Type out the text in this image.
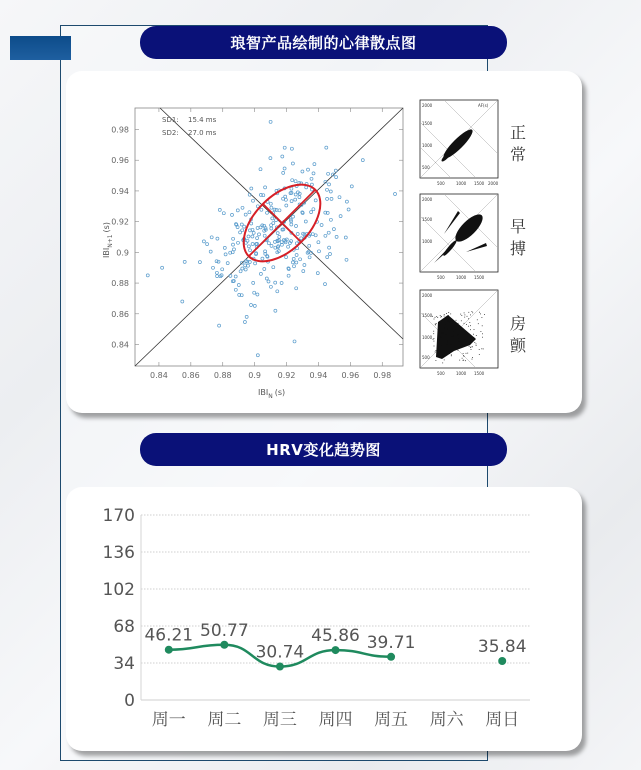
琅智产品绘制的心律散点图
0.84
0.86
0.88
0.9
0.92
0.94
0.96
0.98
0.84 0.86 0.88 0.9 0.92 0.94 0.96 0.98
SD1: 15.4 ms
SD2: 27.0 ms
$IBI_N$ (s)
$IBI_{N+1}(s)$
2000	AF(s)
1500
1000
500
500	1000 1500 2000
正
常
2000
1500
1000
500	1000 1500
早
搏
2000
1500
1000
500
500	1000 1500
房
颤
HRV变化趋势图
170
136
102
68
34
0
周一 周二 周三 周四 周五 周六 周日
46.21 50.77
30.74
45.86 39.71	35.84
